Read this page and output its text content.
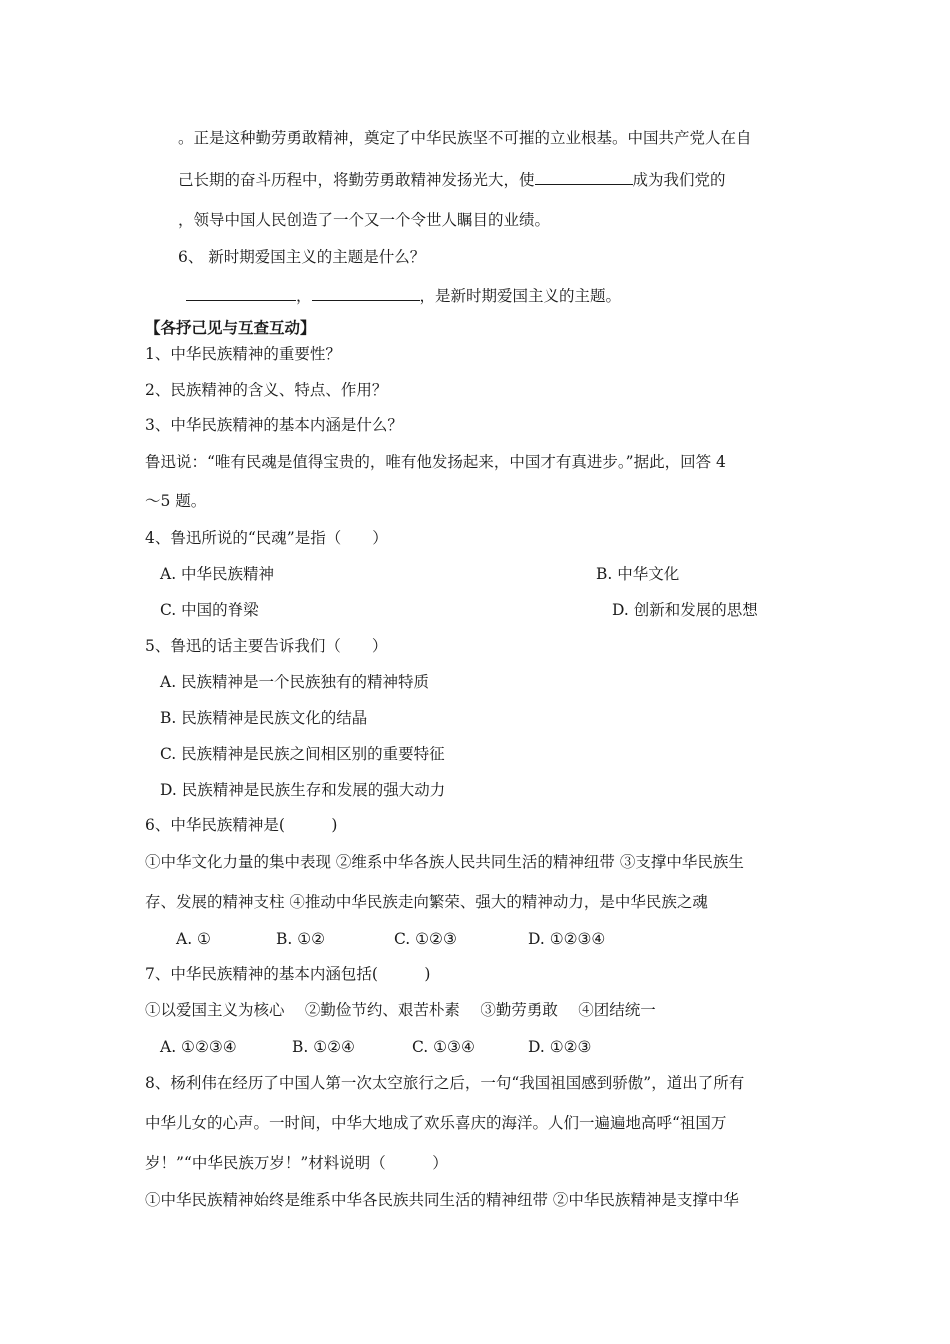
。正是这种勤劳勇敢精神，奠定了中华民族坚不可摧的立业根基。中国共产党人在自
己长期的奋斗历程中，将勤劳勇敢精神发扬光大，使	成为我们党的
，领导中国人民创造了一个又一个令世人瞩目的业绩。
6、 新时期爱国主义的主题是什么？
，	，是新时期爱国主义的主题。
【各抒己见与互查互动】
1、中华民族精神的重要性？
2、民族精神的含义、特点、作用？
3、中华民族精神的基本内涵是什么？
鲁迅说：“唯有民魂是值得宝贵的，唯有他发扬起来，中国才有真进步。”据此，回答 4
～5 题。
4、鲁迅所说的“民魂”是指（　　）
A. 中华民族精神	B. 中华文化
C. 中国的脊梁	D. 创新和发展的思想
5、鲁迅的话主要告诉我们（　　）
A. 民族精神是一个民族独有的精神特质
B. 民族精神是民族文化的结晶
C. 民族精神是民族之间相区别的重要特征
D. 民族精神是民族生存和发展的强大动力
6、中华民族精神是(　　　)
①中华文化力量的集中表现 ②维系中华各族人民共同生活的精神纽带 ③支撑中华民族生
存、发展的精神支柱 ④推动中华民族走向繁荣、强大的精神动力，是中华民族之魂
A. ①	B. ①②	C. ①②③	D. ①②③④
7、中华民族精神的基本内涵包括(　　　)
①以爱国主义为核心　 ②勤俭节约、艰苦朴素　 ③勤劳勇敢　 ④团结统一
A. ①②③④	B. ①②④	C. ①③④	D. ①②③
8、杨利伟在经历了中国人第一次太空旅行之后，一句“我国祖国感到骄傲”，道出了所有
中华儿女的心声。一时间，中华大地成了欢乐喜庆的海洋。人们一遍遍地高呼“祖国万
岁！”“中华民族万岁！”材料说明（　　　）
①中华民族精神始终是维系中华各民族共同生活的精神纽带 ②中华民族精神是支撑中华
